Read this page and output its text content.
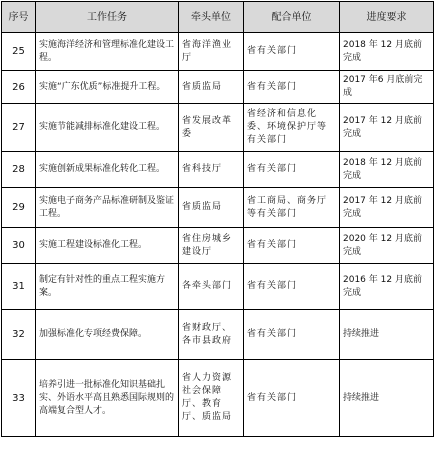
序号	工作任务	牵头单位	配合单位	进度要求
25	实施海洋经济和管理标准化建设工程。	省海洋渔业厅	省有关部门	2018 年 12 月底前完成
26	实施“广东优质”标准提升工程。	省质监局	省有关部门	2017 年6 月底前完成
27	实施节能减排标准化建设工程。	省发展改革委	省经济和信息化委、环境保护厅等有关部门	2017 年 12 月底前完成
28	实施创新成果标准化转化工程。	省科技厅	省有关部门	2018 年 12 月底前完成
29	实施电子商务产品标准研制及鉴证工程。	省质监局	省工商局、商务厅等有关部门	2017 年 12 月底前完成
30	实施工程建设标准化工程。	省住房城乡建设厅	省有关部门	2020 年 12 月底前完成
31	制定有针对性的重点工程实施方案。	各牵头部门	省有关部门	2016 年 12 月底前完成
32	加强标准化专项经费保障。	省财政厅、各市县政府	省有关部门	持续推进
33	培养引进一批标准化知识基础扎实、外语水平高且熟悉国际规则的高端复合型人才。	省人力资源社会保障厅、教育厅、质监局	省有关部门	持续推进
